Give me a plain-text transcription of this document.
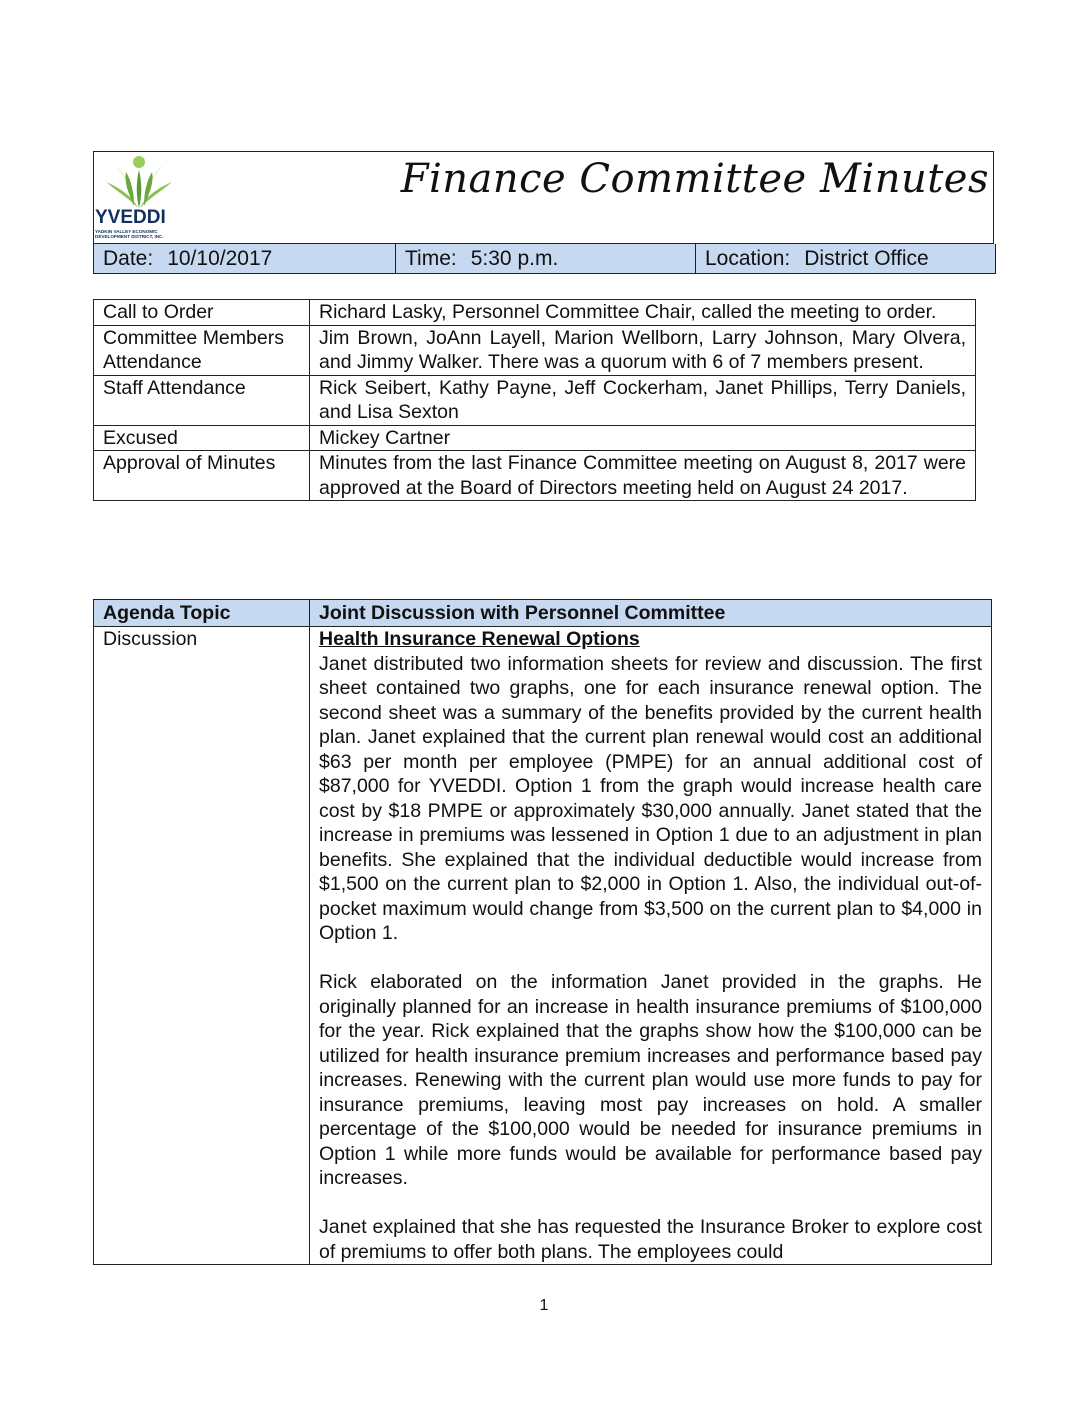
YVEDDI
YADKIN VALLEY ECONOMIC DEVELOPMENT DISTRICT, INC.
Finance Committee Minutes
Date: 10/10/2017	Time: 5:30 p.m.	Location: District Office
Call to Order	Richard Lasky, Personnel Committee Chair, called the meeting to order.
Committee Members Attendance	Jim Brown, JoAnn Layell, Marion Wellborn, Larry Johnson, Mary Olvera, and Jimmy Walker. There was a quorum with 6 of 7 members present.
Staff Attendance	Rick Seibert, Kathy Payne, Jeff Cockerham, Janet Phillips, Terry Daniels, and Lisa Sexton
Excused	Mickey Cartner
Approval of Minutes	Minutes from the last Finance Committee meeting on August 8, 2017 were approved at the Board of Directors meeting held on August 24 2017.
Agenda Topic	Joint Discussion with Personnel Committee
Discussion	Health Insurance Renewal Options

Janet distributed two information sheets for review and discussion. The first sheet contained two graphs, one for each insurance renewal option. The second sheet was a summary of the benefits provided by the current health plan. Janet explained that the current plan renewal would cost an additional $63 per month per employee (PMPE) for an annual additional cost of $87,000 for YVEDDI. Option 1 from the graph would increase health care cost by $18 PMPE or approximately $30,000 annually. Janet stated that the increase in premiums was lessened in Option 1 due to an adjustment in plan benefits. She explained that the individual deductible would increase from $1,500 on the current plan to $2,000 in Option 1. Also, the individual out-of-pocket maximum would change from $3,500 on the current plan to $4,000 in Option 1.

Rick elaborated on the information Janet provided in the graphs. He originally planned for an increase in health insurance premiums of $100,000 for the year. Rick explained that the graphs show how the $100,000 can be utilized for health insurance premium increases and performance based pay increases. Renewing with the current plan would use more funds to pay for insurance premiums, leaving most pay increases on hold. A smaller percentage of the $100,000 would be needed for insurance premiums in Option 1 while more funds would be available for performance based pay increases.

Janet explained that she has requested the Insurance Broker to explore cost of premiums to offer both plans. The employees could

1
